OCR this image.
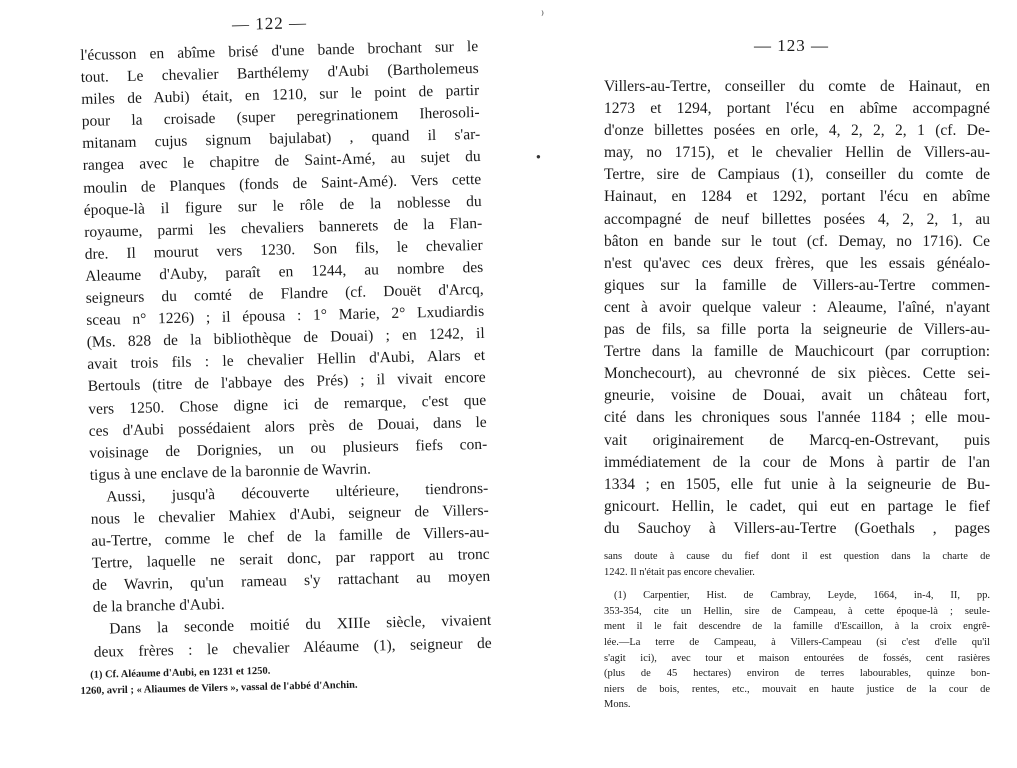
— 122 —
l'écusson en abîme brisé d'une bande brochant sur le
tout. Le chevalier Barthélemy d'Aubi (Bartholemeus
miles de Aubi) était, en 1210, sur le point de partir
pour la croisade (super peregrinationem Iherosoli-
mitanam cujus signum bajulabat) , quand il s'ar-
rangea avec le chapitre de Saint-Amé, au sujet du
moulin de Planques (fonds de Saint-Amé). Vers cette
époque-là il figure sur le rôle de la noblesse du
royaume, parmi les chevaliers bannerets de la Flan-
dre. Il mourut vers 1230. Son fils, le chevalier
Aleaume d'Auby, paraît en 1244, au nombre des
seigneurs du comté de Flandre (cf. Douët d'Arcq,
sceau n° 1226) ; il épousa : 1° Marie, 2° Lxudiardis
(Ms. 828 de la bibliothèque de Douai) ; en 1242, il
avait trois fils : le chevalier Hellin d'Aubi, Alars et
Bertouls (titre de l'abbaye des Prés) ; il vivait encore
vers 1250. Chose digne ici de remarque, c'est que
ces d'Aubi possédaient alors près de Douai, dans le
voisinage de Dorignies, un ou plusieurs fiefs con-
tigus à une enclave de la baronnie de Wavrin.
Aussi, jusqu'à découverte ultérieure, tiendrons-
nous le chevalier Mahiex d'Aubi, seigneur de Villers-
au-Tertre, comme le chef de la famille de Villers-au-
Tertre, laquelle ne serait donc, par rapport au tronc
de Wavrin, qu'un rameau s'y rattachant au moyen
de la branche d'Aubi.
Dans la seconde moitié du XIIIe siècle, vivaient
deux frères : le chevalier Aléaume (1), seigneur de
(1) Cf. Aléaume d'Aubi, en 1231 et 1250.
1260, avril ; « Aliaumes de Vilers », vassal de l'abbé d'Anchin.
⁾
●
— 123 —
Villers-au-Tertre, conseiller du comte de Hainaut, en
1273 et 1294, portant l'écu en abîme accompagné
d'onze billettes posées en orle, 4, 2, 2, 2, 1 (cf. De-
may, no 1715), et le chevalier Hellin de Villers-au-
Tertre, sire de Campiaus (1), conseiller du comte de
Hainaut, en 1284 et 1292, portant l'écu en abîme
accompagné de neuf billettes posées 4, 2, 2, 1, au
bâton en bande sur le tout (cf. Demay, no 1716). Ce
n'est qu'avec ces deux frères, que les essais généalo-
giques sur la famille de Villers-au-Tertre commen-
cent à avoir quelque valeur : Aleaume, l'aîné, n'ayant
pas de fils, sa fille porta la seigneurie de Villers-au-
Tertre dans la famille de Mauchicourt (par corruption:
Monchecourt), au chevronné de six pièces. Cette sei-
gneurie, voisine de Douai, avait un château fort,
cité dans les chroniques sous l'année 1184 ; elle mou-
vait originairement de Marcq-en-Ostrevant, puis
immédiatement de la cour de Mons à partir de l'an
1334 ; en 1505, elle fut unie à la seigneurie de Bu-
gnicourt. Hellin, le cadet, qui eut en partage le fief
du Sauchoy à Villers-au-Tertre (Goethals , pages
sans doute à cause du fief dont il est question dans la charte de
1242. Il n'était pas encore chevalier.
(1) Carpentier, Hist. de Cambray, Leyde, 1664, in-4, II, pp.
353-354, cite un Hellin, sire de Campeau, à cette époque-là ; seule-
ment il le fait descendre de la famille d'Escaillon, à la croix engrê-
lée.—La terre de Campeau, à Villers-Campeau (si c'est d'elle qu'il
s'agit ici), avec tour et maison entourées de fossés, cent rasières
(plus de 45 hectares) environ de terres labourables, quinze bon-
niers de bois, rentes, etc., mouvait en haute justice de la cour de
Mons.
